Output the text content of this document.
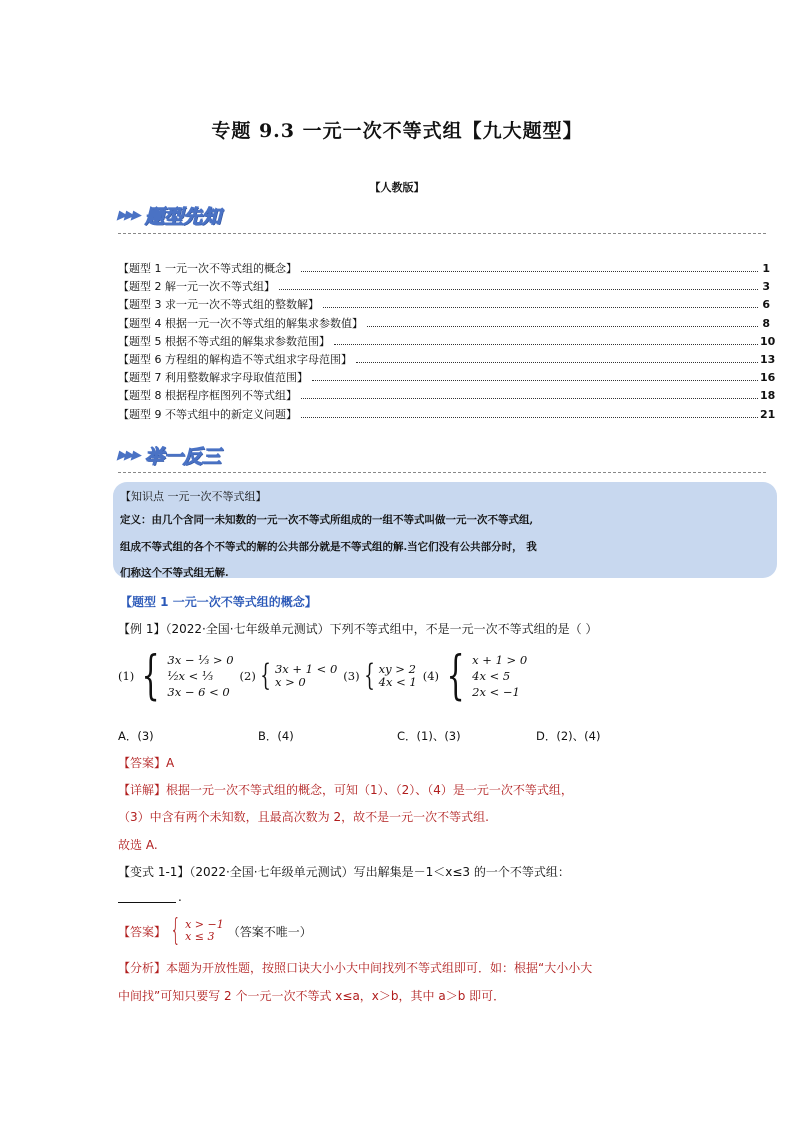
专题 9.3 一元一次不等式组【九大题型】
【人教版】
▶▶▶ 题型先知
【题型 1 一元一次不等式组的概念】	1
【题型 2 解一元一次不等式组】	3
【题型 3 求一元一次不等式组的整数解】	6
【题型 4 根据一元一次不等式组的解集求参数值】	8
【题型 5 根据不等式组的解集求参数范围】	10
【题型 6 方程组的解构造不等式组求字母范围】	13
【题型 7 利用整数解求字母取值范围】	16
【题型 8 根据程序框图列不等式组】	18
【题型 9 不等式组中的新定义问题】	21
▶▶▶ 举一反三
【知识点 一元一次不等式组】
定义：由几个含同一未知数的一元一次不等式所组成的一组不等式叫做一元一次不等式组,
组成不等式组的各个不等式的解的公共部分就是不等式组的解.当它们没有公共部分时， 我
们称这个不等式组无解.
【题型 1 一元一次不等式组的概念】
【例 1】（2022·全国·七年级单元测试）下列不等式组中，不是一元一次不等式组的是（ ）
(1) { 3x − ¹⁄₃ > 0
¹⁄₂x < ¹⁄₃
3x − 6 < 0
(2) { 3x + 1 < 0
x > 0	(3) { xy > 2
4x < 1 (4) { x + 1 > 0
4x < 5
2x < −1
A．(3)	B．(4)	C．(1)、(3)	D．(2)、(4)
【答案】A
【详解】根据一元一次不等式组的概念，可知（1）、（2）、（4）是一元一次不等式组，
（3）中含有两个未知数，且最高次数为 2，故不是一元一次不等式组.
故选 A.
【变式 1-1】（2022·全国·七年级单元测试）写出解集是－1＜x≤3 的一个不等式组：
.
【答案】 { x > −1
x ≤ 3	（答案不唯一）
【分析】本题为开放性题，按照口诀大小小大中间找列不等式组即可．如：根据“大小小大
中间找”可知只要写 2 个一元一次不等式 x≤a，x＞b，其中 a＞b 即可．
